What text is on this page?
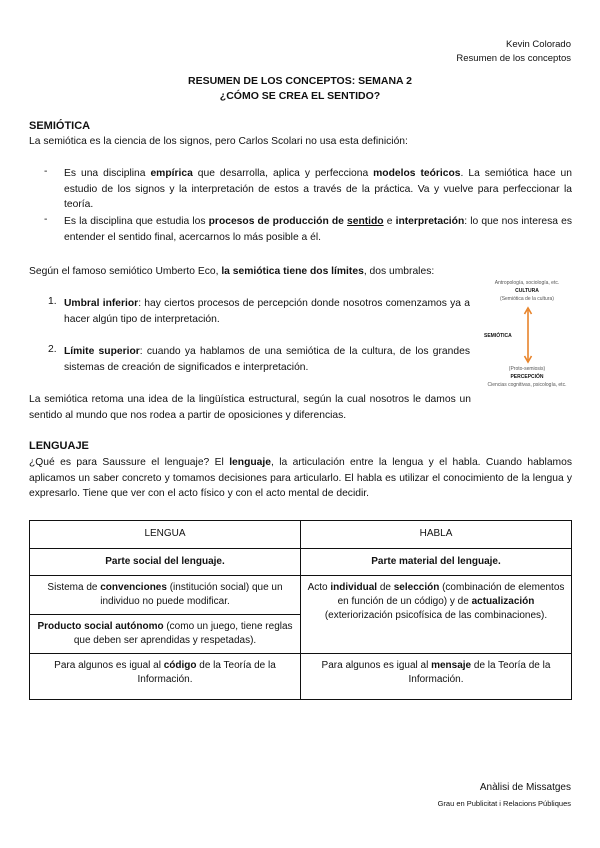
Kevin Colorado
Resumen de los conceptos
RESUMEN DE LOS CONCEPTOS: SEMANA 2
¿CÓMO SE CREA EL SENTIDO?
SEMIÓTICA
La semiótica es la ciencia de los signos, pero Carlos Scolari no usa esta definición:
- Es una disciplina empírica que desarrolla, aplica y perfecciona modelos teóricos. La semiótica hace un estudio de los signos y la interpretación de estos a través de la práctica. Va y vuelve para perfeccionar la teoría.
- Es la disciplina que estudia los procesos de producción de sentido e interpretación: lo que nos interesa es entender el sentido final, acercarnos lo más posible a él.
Según el famoso semiótico Umberto Eco, la semiótica tiene dos límites, dos umbrales:
1. Umbral inferior: hay ciertos procesos de percepción donde nosotros comenzamos ya a hacer algún tipo de interpretación.
2. Límite superior: cuando ya hablamos de una semiótica de la cultura, de los grandes sistemas de creación de significados e interpretación.
La semiótica retoma una idea de la lingüística estructural, según la cual nosotros le damos un sentido al mundo que nos rodea a partir de oposiciones y diferencias.
Antropología, sociología, etc.
CULTURA
(Semiótica de la cultura)
SEMIÓTICA
(Proto-semiosis)
PERCEPCIÓN
Ciencias cognitivas, psicología, etc.
LENGUAJE
¿Qué es para Saussure el lenguaje? El lenguaje, la articulación entre la lengua y el habla. Cuando hablamos aplicamos un saber concreto y tomamos decisiones para articularlo. El habla es utilizar el conocimiento de la lengua y expresarlo. Tiene que ver con el acto físico y con el acto mental de decidir.
LENGUA	HABLA
Parte social del lenguaje.	Parte material del lenguaje.
Sistema de convenciones (institución social) que un individuo no puede modificar.	Acto individual de selección (combinación de elementos en función de un código) y de actualización (exteriorización psicofísica de las combinaciones).
Producto social autónomo (como un juego, tiene reglas que deben ser aprendidas y respetadas).	
Para algunos es igual al código de la Teoría de la Información.	Para algunos es igual al mensaje de la Teoría de la Información.
Anàlisi de Missatges
Grau en Publicitat i Relacions Públiques
